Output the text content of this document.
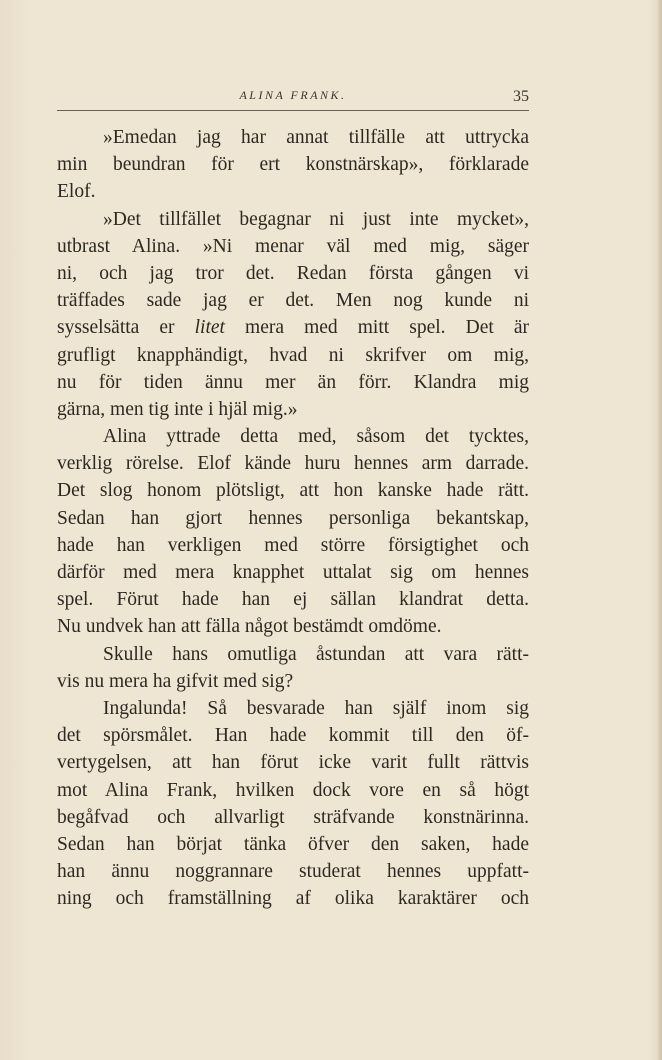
ALINA FRANK.	35
»Emedan jag har annat tillfälle att uttrycka
min beundran för ert konstnärskap», förklarade
Elof.
»Det tillfället begagnar ni just inte mycket»,
utbrast Alina. »Ni menar väl med mig, säger
ni, och jag tror det. Redan första gången vi
träffades sade jag er det. Men nog kunde ni
sysselsätta er litet mera med mitt spel. Det är
grufligt knapphändigt, hvad ni skrifver om mig,
nu för tiden ännu mer än förr. Klandra mig
gärna, men tig inte i hjäl mig.»
Alina yttrade detta med, såsom det tycktes,
verklig rörelse. Elof kände huru hennes arm darrade.
Det slog honom plötsligt, att hon kanske hade rätt.
Sedan han gjort hennes personliga bekantskap,
hade han verkligen med större försigtighet och
därför med mera knapphet uttalat sig om hennes
spel. Förut hade han ej sällan klandrat detta.
Nu undvek han att fälla något bestämdt omdöme.
Skulle hans omutliga åstundan att vara rätt-
vis nu mera ha gifvit med sig?
Ingalunda! Så besvarade han själf inom sig
det spörsmålet. Han hade kommit till den öf-
vertygelsen, att han förut icke varit fullt rättvis
mot Alina Frank, hvilken dock vore en så högt
begåfvad och allvarligt sträfvande konstnärinna.
Sedan han börjat tänka öfver den saken, hade
han ännu noggrannare studerat hennes uppfatt-
ning och framställning af olika karaktärer och
